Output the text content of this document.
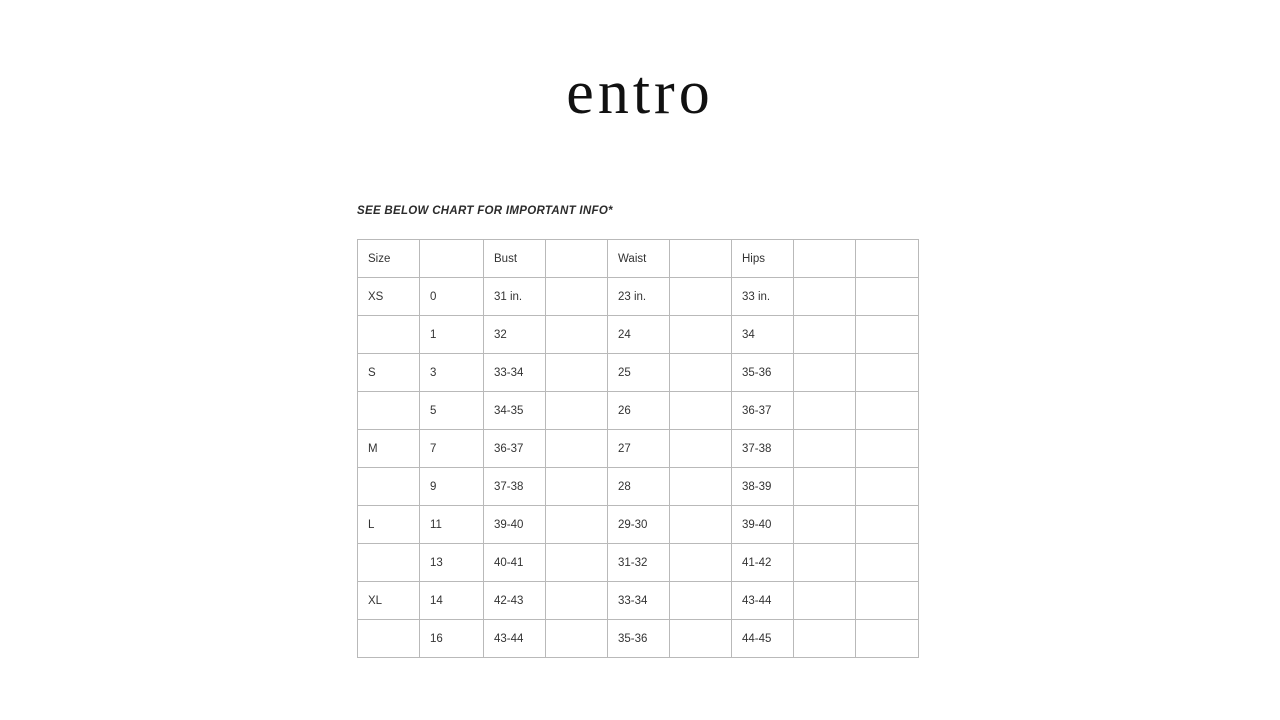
entro
SEE BELOW CHART FOR IMPORTANT INFO*
Size		Bust		Waist		Hips		
XS	0	31 in.		23 in.		33 in.		
	1	32		24		34		
S	3	33-34		25		35-36		
	5	34-35		26		36-37		
M	7	36-37		27		37-38		
	9	37-38		28		38-39		
L	11	39-40		29-30		39-40		
	13	40-41		31-32		41-42		
XL	14	42-43		33-34		43-44		
	16	43-44		35-36		44-45		
